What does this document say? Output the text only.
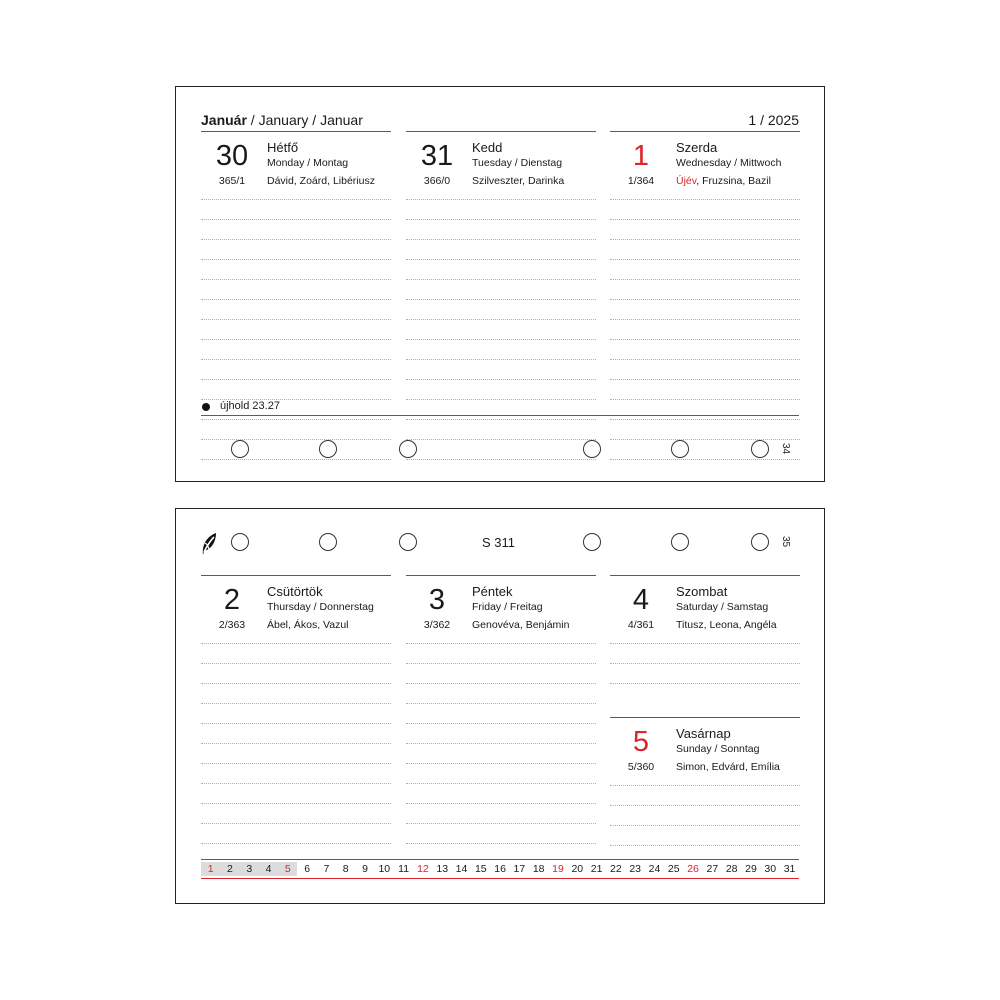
Január / January / Januar	1 / 2025
30	Hétfő
Monday / Montag
365/1	Dávid, Zoárd, Libériusz
31	Kedd
Tuesday / Dienstag
366/0	Szilveszter, Darinka
1	Szerda
Wednesday / Mittwoch
1/364	Újév, Fruzsina, Bazil
újhold 23.27
34
S 311	35
2	Csütörtök
Thursday / Donnerstag
2/363	Ábel, Ákos, Vazul
3	Péntek
Friday / Freitag
3/362	Genovéva, Benjámin
4	Szombat
Saturday / Samstag
4/361	Titusz, Leona, Angéla
5	Vasárnap
Sunday / Sonntag
5/360	Simon, Edvárd, Emília
1	2	3	4	5	6	7	8	9	10 11 12 13 14 15 16 17 18 19 20 21 22 23 24 25 26 27 28 29 30 31
